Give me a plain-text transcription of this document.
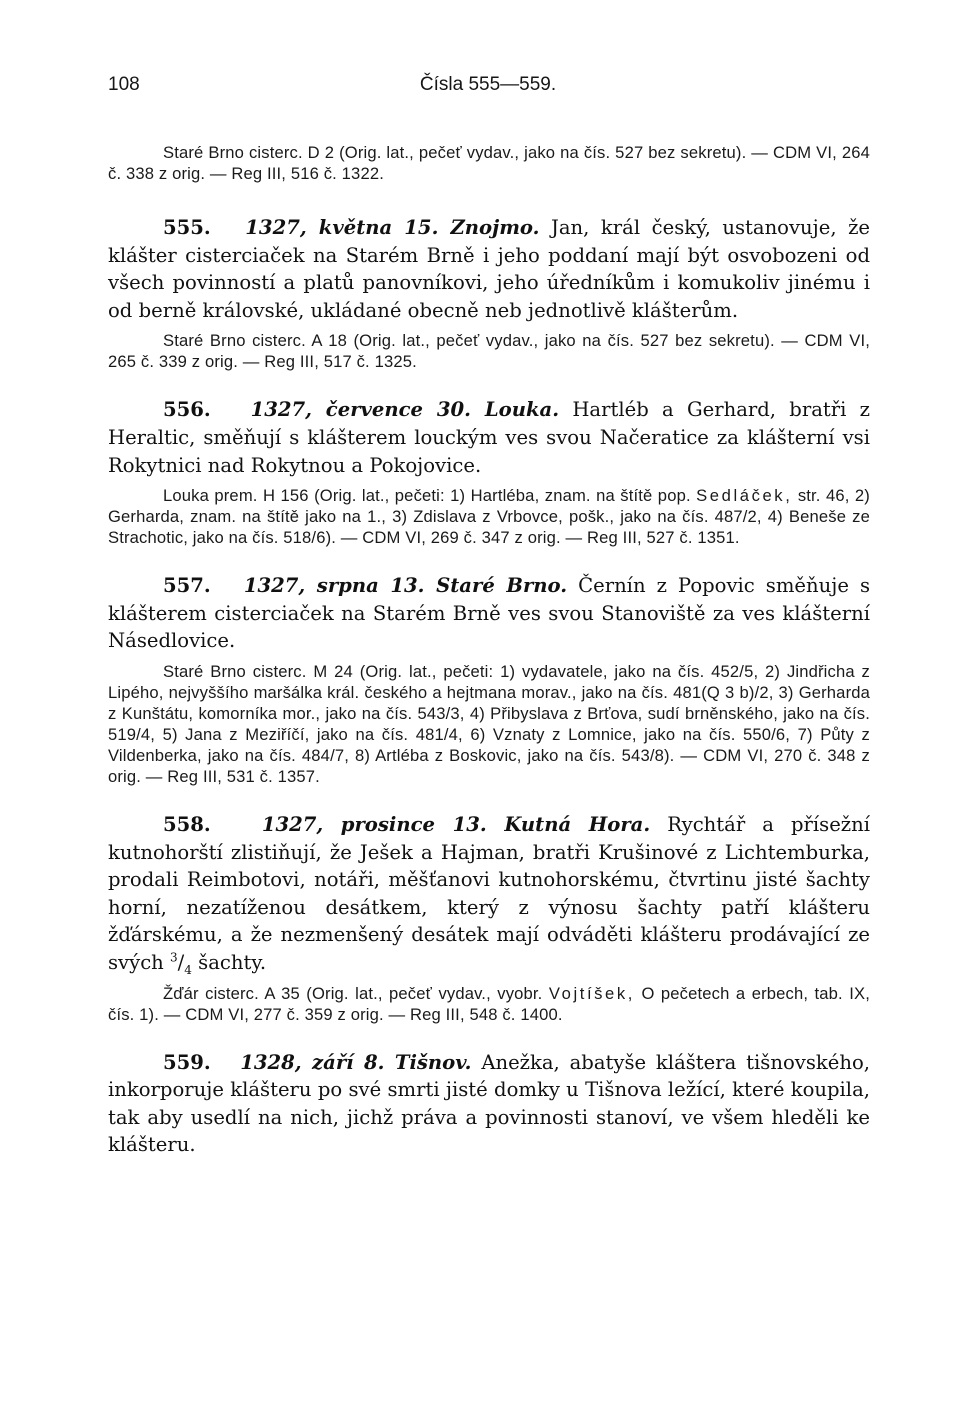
108	Čísla 555—559.

Staré Brno cisterc. D 2 (Orig. lat., pečeť vydav., jako na čís. 527 bez sekretu). — CDM VI, 264 č. 338 z orig. — Reg III, 516 č. 1322.

555. 1327, května 15. Znojmo. Jan, král český, ustanovuje, že klášter cisterciaček na Starém Brně i jeho poddaní mají být osvobozeni od všech povinností a platů panovníkovi, jeho úředníkům i komukoliv jinému i od berně královské, ukládané obecně neb jednotlivě klášterům.

Staré Brno cisterc. A 18 (Orig. lat., pečeť vydav., jako na čís. 527 bez sekretu). — CDM VI, 265 č. 339 z orig. — Reg III, 517 č. 1325.

556. 1327, července 30. Louka. Hartléb a Gerhard, bratři z Heraltic, směňují s klášterem louckým ves svou Načeratice za klášterní vsi Rokytnici nad Rokytnou a Pokojovice.

Louka prem. H 156 (Orig. lat., pečeti: 1) Hartléba, znam. na štítě pop. Sedláček, str. 46, 2) Gerharda, znam. na štítě jako na 1., 3) Zdislava z Vrbovce, pošk., jako na čís. 487/2, 4) Beneše ze Strachotic, jako na čís. 518/6). — CDM VI, 269 č. 347 z orig. — Reg III, 527 č. 1351.

557. 1327, srpna 13. Staré Brno. Černín z Popovic směňuje s klášterem cisterciaček na Starém Brně ves svou Stanoviště za ves klášterní Násedlovice.

Staré Brno cisterc. M 24 (Orig. lat., pečeti: 1) vydavatele, jako na čís. 452/5, 2) Jindřicha z Lipého, nejvyššího maršálka král. českého a hejtmana morav., jako na čís. 481(Q 3 b)/2, 3) Gerharda z Kunštátu, komorníka mor., jako na čís. 543/3, 4) Přibyslava z Brťova, sudí brněnského, jako na čís. 519/4, 5) Jana z Meziříčí, jako na čís. 481/4, 6) Vznaty z Lomnice, jako na čís. 550/6, 7) Půty z Vildenberka, jako na čís. 484/7, 8) Artléba z Boskovic, jako na čís. 543/8). — CDM VI, 270 č. 348 z orig. — Reg III, 531 č. 1357.

558.	1327, prosince 13. Kutná Hora. Rychtář a přísežní kutnohorští zlistiňují, že Ješek a Hajman, bratři Krušinové z Lichtemburka, prodali Reimbotovi, notáři, měšťanovi kutnohorskému, čtvrtinu jisté šachty horní, nezatíženou desátkem, který z výnosu šachty patří klášteru žďárskému, a že nezmenšený desátek mají odváděti klášteru prodávající ze svých $^3/_4$ šachty.

Žďár cisterc. A 35 (Orig. lat., pečeť vydav., vyobr. Vojtíšek, O pečetech a erbech, tab. IX, čís. 1). — CDM VI, 277 č. 359 z orig. — Reg III, 548 č. 1400.

559. 1328, září 8. Tišnov. Anežka, abatyše kláštera tišnovského, inkorporuje klášteru po své smrti jisté domky u Tišnova ležící, které koupila, tak aby usedlí na nich, jichž práva a povinnosti stanoví, ve všem hleděli ke klášteru.
